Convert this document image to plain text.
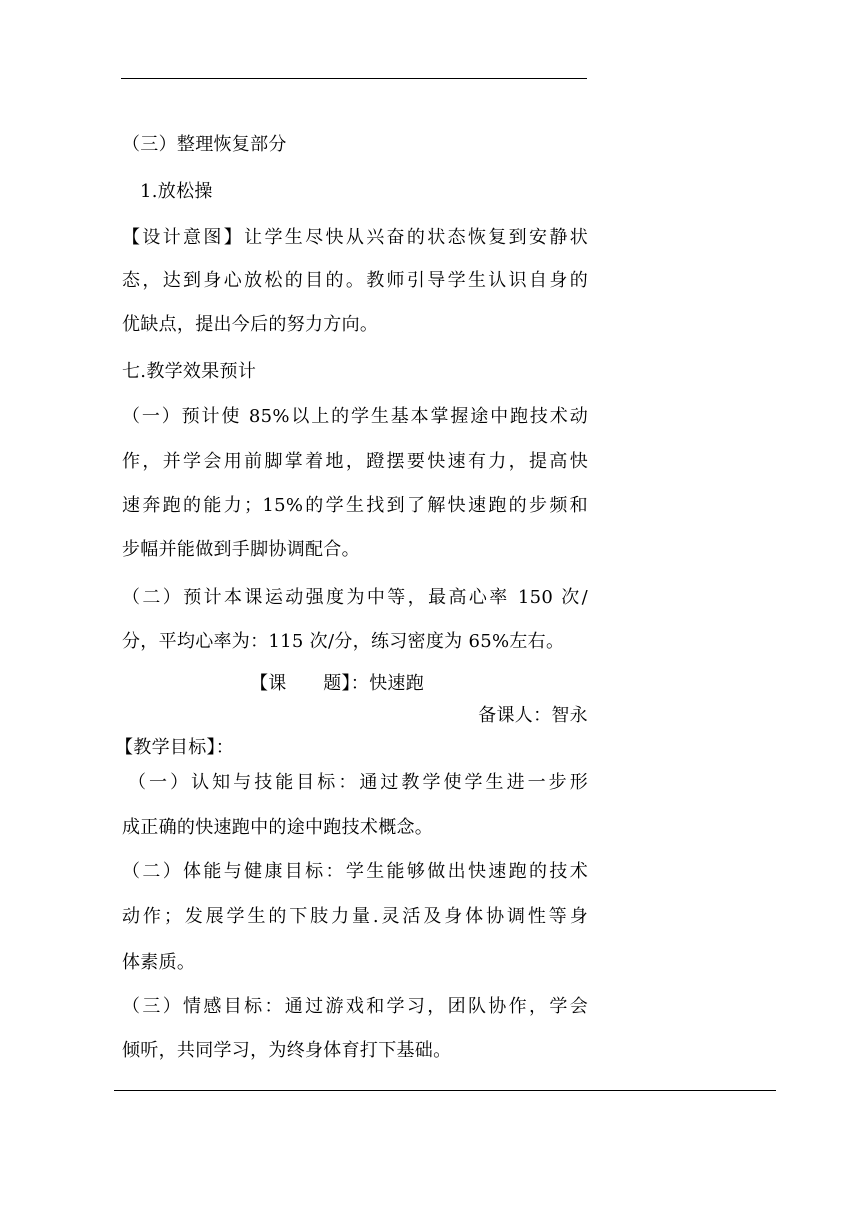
（三）整理恢复部分
1.放松操
【设计意图】让学生尽快从兴奋的状态恢复到安静状
态，达到身心放松的目的。教师引导学生认识自身的
优缺点，提出今后的努力方向。
七.教学效果预计
（一）预计使 85%以上的学生基本掌握途中跑技术动
作，并学会用前脚掌着地，蹬摆要快速有力，提高快
速奔跑的能力；15%的学生找到了解快速跑的步频和
步幅并能做到手脚协调配合。
（二）预计本课运动强度为中等，最高心率 150 次/
分，平均心率为：115 次/分，练习密度为 65%左右。
【课　　题】：快速跑
备课人：智永
【教学目标】：
（一）认知与技能目标：通过教学使学生进一步形
成正确的快速跑中的途中跑技术概念。
（二）体能与健康目标：学生能够做出快速跑的技术
动作；发展学生的下肢力量.灵活及身体协调性等身
体素质。
（三）情感目标：通过游戏和学习，团队协作，学会
倾听，共同学习，为终身体育打下基础。
